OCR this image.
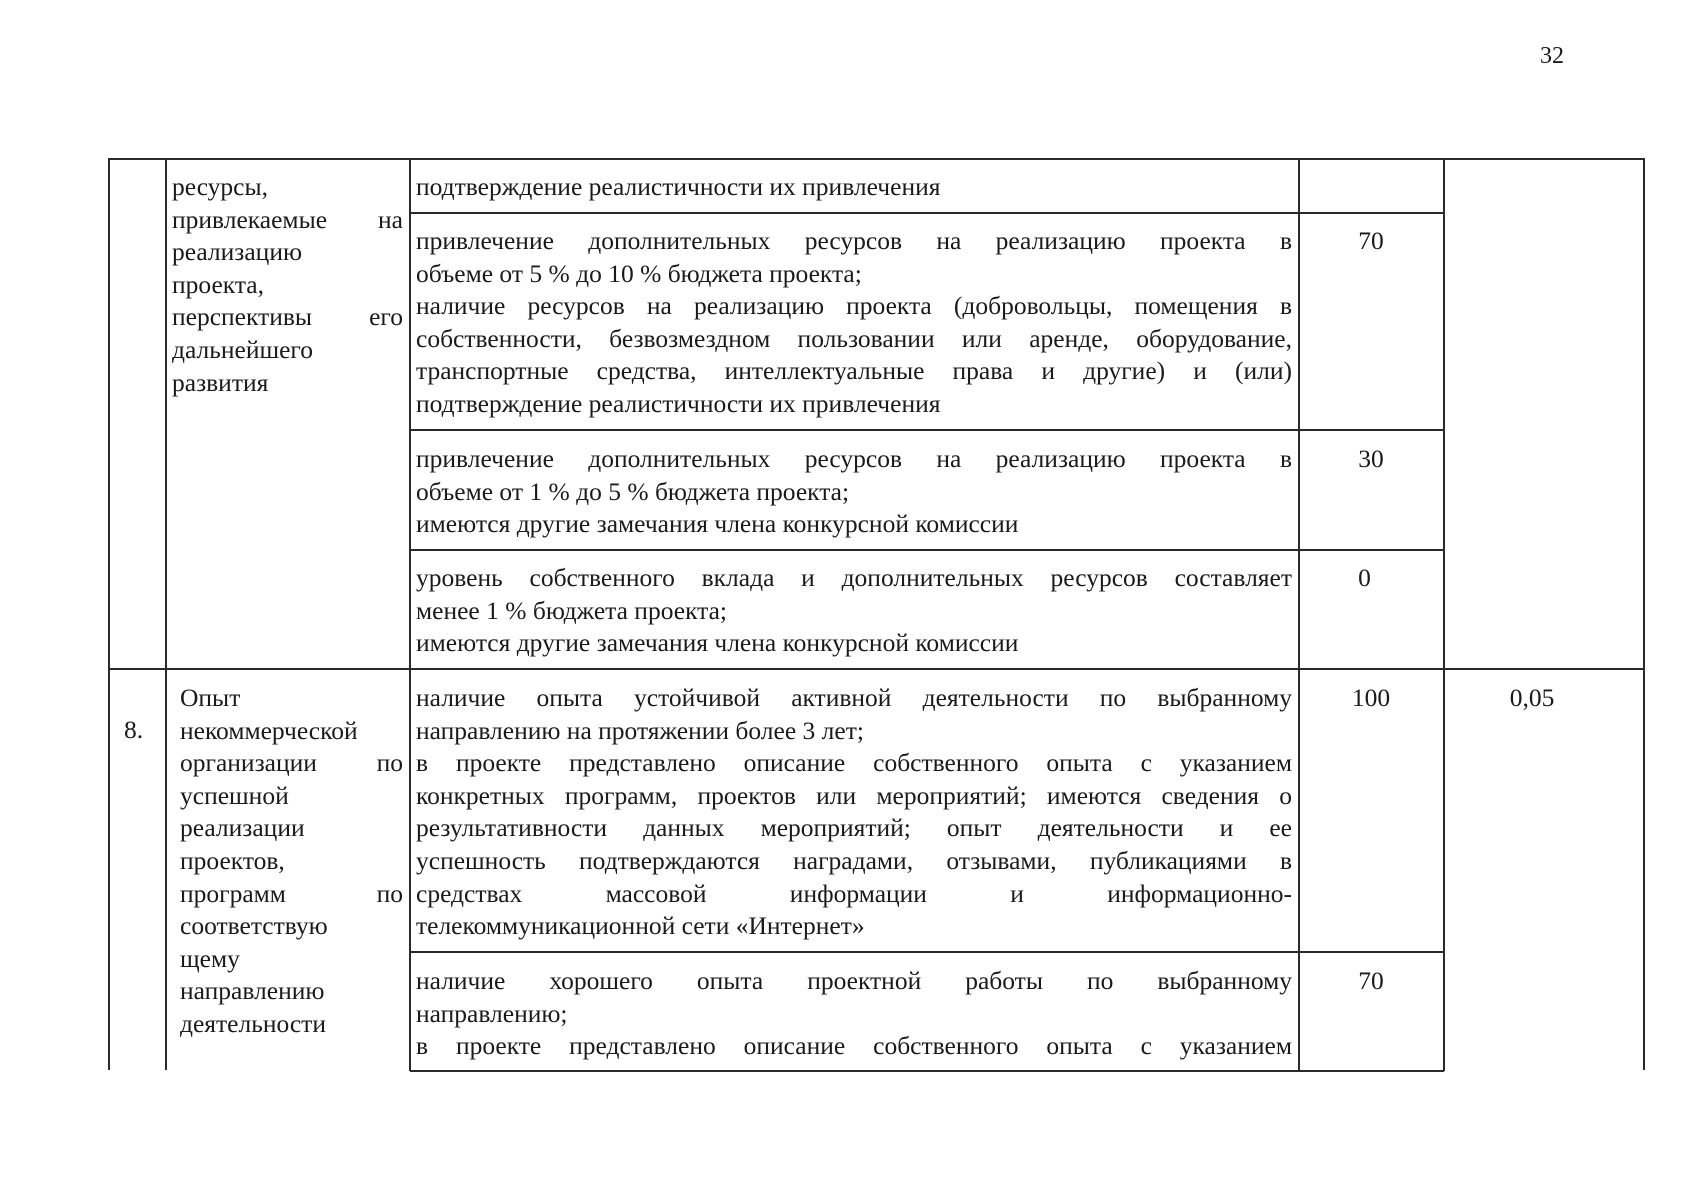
32
ресурсы,
привлекаемые на
реализацию
проекта,
перспективы его
дальнейшего
развития
подтверждение реалистичности их привлечения
привлечение дополнительных ресурсов на реализацию проекта в
объеме от 5 % до 10 % бюджета проекта;
наличие ресурсов на реализацию проекта (добровольцы, помещения в
собственности, безвозмездном пользовании или аренде, оборудование,
транспортные средства, интеллектуальные права и другие) и (или)
подтверждение реалистичности их привлечения
70
привлечение дополнительных ресурсов на реализацию проекта в
объеме от 1 % до 5 % бюджета проекта;
имеются другие замечания члена конкурсной комиссии
30
уровень собственного вклада и дополнительных ресурсов составляет
менее 1 % бюджета проекта;
имеются другие замечания члена конкурсной комиссии
0
8.
Опыт
некоммерческой
организации по
успешной
реализации
проектов,
программ по
соответствую
щему
направлению
деятельности
наличие опыта устойчивой активной деятельности по выбранному
направлению на протяжении более 3 лет;
в проекте представлено описание собственного опыта с указанием
конкретных программ, проектов или мероприятий; имеются сведения о
результативности данных мероприятий; опыт деятельности и ее
успешность подтверждаются наградами, отзывами, публикациями в
средствах массовой информации и информационно-
телекоммуникационной сети «Интернет»
100	0,05
наличие хорошего опыта проектной работы по выбранному
направлению;
в проекте представлено описание собственного опыта с указанием
70
